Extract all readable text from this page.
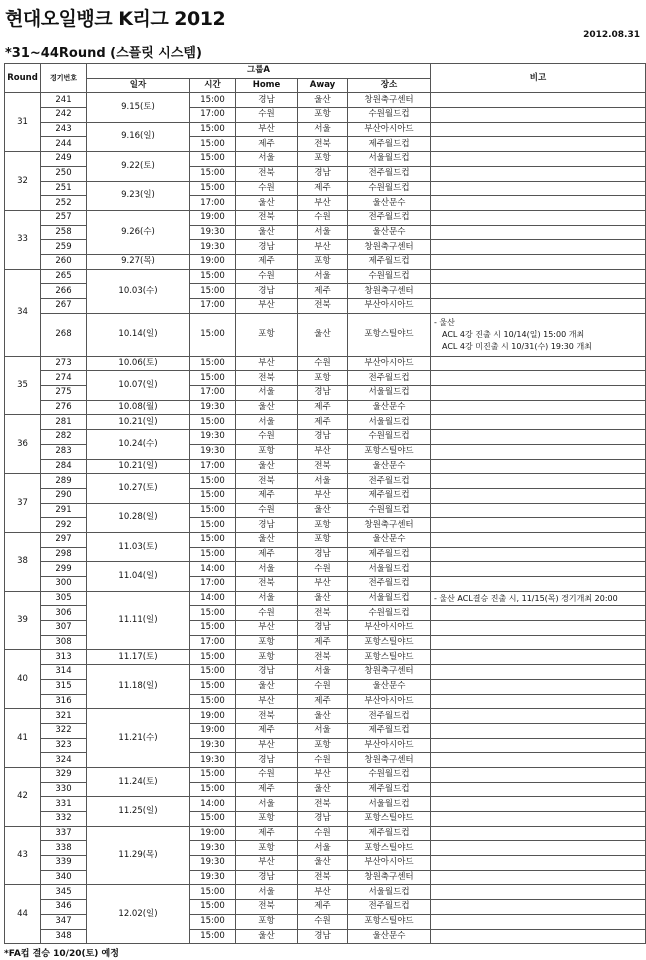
현대오일뱅크 K리그 2012
2012.08.31
*31~44Round (스플릿 시스템)
Round	경기번호	그룹A					비고
		일자	시간	Home	Away	장소	
31	241	9.15(토)	15:00	경남	울산	창원축구센터	
	242		17:00	수원	포항	수원월드컵	
	243	9.16(일)	15:00	부산	서울	부산아시아드	
	244		15:00	제주	전북	제주월드컵	
32	249	9.22(토)	15:00	서울	포항	서울월드컵	
	250		15:00	전북	경남	전주월드컵	
	251	9.23(일)	15:00	수원	제주	수원월드컵	
	252		17:00	울산	부산	울산문수	
33	257	9.26(수)	19:00	전북	수원	전주월드컵	
	258		19:30	울산	서울	울산문수	
	259		19:30	경남	부산	창원축구센터	
	260	9.27(목)	19:00	제주	포항	제주월드컵	
34	265	10.03(수)	15:00	수원	서울	수원월드컵	
	266		15:00	경남	제주	창원축구센터	
	267		17:00	부산	전북	부산아시아드	
	268	10.14(일)	15:00	포항	울산	포항스틸야드	- 울산
ACL 4강 진출 시 10/14(일) 15:00 개최
ACL 4강 미진출 시 10/31(수) 19:30 개최

35	273	10.06(토)	15:00	부산	수원	부산아시아드	
	274	10.07(일)	15:00	전북	포항	전주월드컵	
	275		17:00	서울	경남	서울월드컵	
	276	10.08(월)	19:30	울산	제주	울산문수	
36	281	10.21(일)	15:00	서울	제주	서울월드컵	
	282	10.24(수)	19:30	수원	경남	수원월드컵	
	283		19:30	포항	부산	포항스틸야드	
	284	10.21(일)	17:00	울산	전북	울산문수	
37	289	10.27(토)	15:00	전북	서울	전주월드컵	
	290		15:00	제주	부산	제주월드컵	
	291	10.28(일)	15:00	수원	울산	수원월드컵	
	292		15:00	경남	포항	창원축구센터	
38	297	11.03(토)	15:00	울산	포항	울산문수	
	298		15:00	제주	경남	제주월드컵	
	299	11.04(일)	14:00	서울	수원	서울월드컵	
	300		17:00	전북	부산	전주월드컵	
39	305	11.11(일)	14:00	서울	울산	서울월드컵	- 울산 ACL결승 진출 시, 11/15(목) 경기개최 20:00

	306		15:00	수원	전북	수원월드컵	
	307		15:00	부산	경남	부산아시아드	
	308		17:00	포항	제주	포항스틸야드	
40	313	11.17(토)	15:00	포항	전북	포항스틸야드	
	314	11.18(일)	15:00	경남	서울	창원축구센터	
	315		15:00	울산	수원	울산문수	
	316		15:00	부산	제주	부산아시아드	
41	321	11.21(수)	19:00	전북	울산	전주월드컵	
	322		19:00	제주	서울	제주월드컵	
	323		19:30	부산	포항	부산아시아드	
	324		19:30	경남	수원	창원축구센터	
42	329	11.24(토)	15:00	수원	부산	수원월드컵	
	330		15:00	제주	울산	제주월드컵	
	331	11.25(일)	14:00	서울	전북	서울월드컵	
	332		15:00	포항	경남	포항스틸야드	
43	337	11.29(목)	19:00	제주	수원	제주월드컵	
	338		19:30	포항	서울	포항스틸야드	
	339		19:30	부산	울산	부산아시아드	
	340		19:30	경남	전북	창원축구센터	
44	345	12.02(일)	15:00	서울	부산	서울월드컵	
	346		15:00	전북	제주	전주월드컵	
	347		15:00	포항	수원	포항스틸야드	
	348		15:00	울산	경남	울산문수	
*FA컵 결승 10/20(토) 예정
